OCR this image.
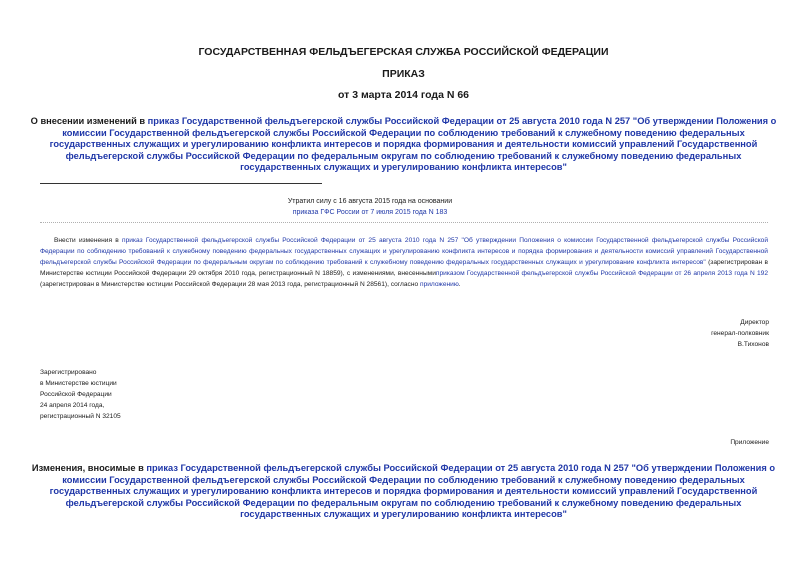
ГОСУДАРСТВЕННАЯ ФЕЛЬДЪЕГЕРСКАЯ СЛУЖБА РОССИЙСКОЙ ФЕДЕРАЦИИ
ПРИКАЗ
от 3 марта 2014 года N 66
О внесении изменений в приказ Государственной фельдъегерской службы Российской Федерации от 25 августа 2010 года N 257 "Об утверждении Положения о комиссии Государственной фельдъегерской службы Российской Федерации по соблюдению требований к служебному поведению федеральных государственных служащих и урегулированию конфликта интересов и порядка формирования и деятельности комиссий управлений Государственной фельдъегерской службы Российской Федерации по федеральным округам по соблюдению требований к служебному поведению федеральных государственных служащих и урегулированию конфликта интересов"
Утратил силу с 16 августа 2015 года на основании
приказа ГФС России от 7 июля 2015 года N 183
Внести изменения в приказ Государственной фельдъегерской службы Российской Федерации от 25 августа 2010 года N 257 "Об утверждении Положения о комиссии Государственной фельдъегерской службы Российской Федерации по соблюдению требований к служебному поведению федеральных государственных служащих и урегулированию конфликта интересов и порядка формирования и деятельности комиссий управлений Государственной фельдъегерской службы Российской Федерации по федеральным округам по соблюдению требований к служебному поведению федеральных государственных служащих и урегулирование конфликта интересов" (зарегистрирован в Министерстве юстиции Российской Федерации 29 октября 2010 года, регистрационный N 18859), с изменениями, внесеннымиприказом Государственной фельдъегерской службы Российской Федерации от 26 апреля 2013 года N 192 (зарегистрирован в Министерстве юстиции Российской Федерации 28 мая 2013 года, регистрационный N 28561), согласно приложению.
Директор
генерал-полковник
В.Тихонов
Зарегистрировано
в Министерстве юстиции
Российской Федерации
24 апреля 2014 года,
регистрационный N 32105
Приложение
Изменения, вносимые в приказ Государственной фельдъегерской службы Российской Федерации от 25 августа 2010 года N 257 "Об утверждении Положения о комиссии Государственной фельдъегерской службы Российской Федерации по соблюдению требований к служебному поведению федеральных государственных служащих и урегулированию конфликта интересов и порядка формирования и деятельности комиссий управлений Государственной фельдъегерской службы Российской Федерации по федеральным округам по соблюдению требований к служебному поведению федеральных государственных служащих и урегулированию конфликта интересов"
